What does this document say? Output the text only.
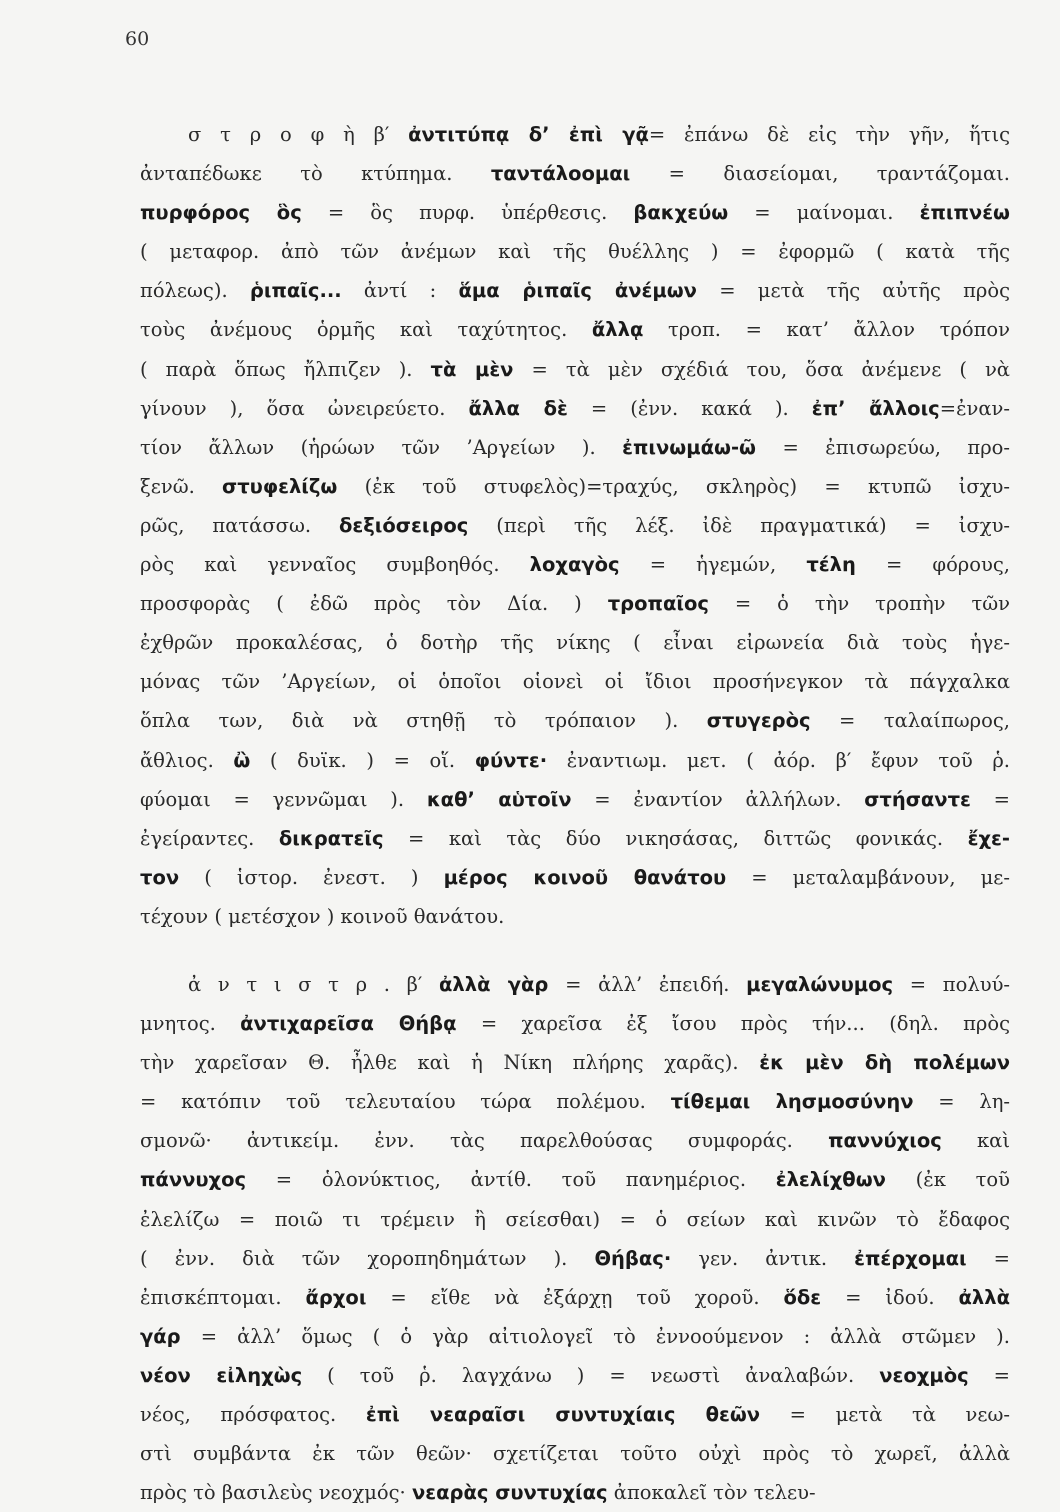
60
σ τ ρ ο φ ὴ β′ ἀντιτύπᾳ δ’ ἐπὶ γᾷ= ἐπάνω δὲ εἰς τὴν γῆν, ἥτις
ἀνταπέδωκε τὸ κτύπημα. ταντάλοομαι = διασείομαι, τραντάζομαι.
πυρφόρος ὃς = ὃς πυρφ. ὑπέρθεσις. βακχεύω = μαίνομαι. ἐπιπνέω
( μεταφορ. ἀπὸ τῶν ἀνέμων καὶ τῆς θυέλλης ) = ἐφορμῶ ( κατὰ τῆς
πόλεως). ῥιπαῖς... ἀντί : ἅμα ῥιπαῖς ἀνέμων = μετὰ τῆς αὐτῆς πρὸς
τοὺς ἀνέμους ὁρμῆς καὶ ταχύτητος. ἄλλᾳ τροπ. = κατ’ ἄλλον τρόπον
( παρὰ ὅπως ἤλπιζεν ). τὰ μὲν = τὰ μὲν σχέδιά του, ὅσα ἀνέμενε ( νὰ
γίνουν ), ὅσα ὠνειρεύετο. ἄλλα δὲ = (ἐνν. κακά ). ἐπ’ ἄλλοις=ἐναν-
τίον ἄλλων (ἡρώων τῶν ’Αργείων ). ἐπινωμάω-ῶ = ἐπισωρεύω, προ-
ξενῶ. στυφελίζω (ἐκ τοῦ στυφελὸς)=τραχύς, σκληρὸς) = κτυπῶ ἰσχυ-
ρῶς, πατάσσω. δεξιόσειρος (περὶ τῆς λέξ. ἰδὲ πραγματικά) = ἰσχυ-
ρὸς καὶ γενναῖος συμβοηθός. λοχαγὸς = ἡγεμών, τέλη = φόρους,
προσφορὰς ( ἐδῶ πρὸς τὸν Δία. ) τροπαῖος = ὁ τὴν τροπὴν τῶν
ἐχθρῶν προκαλέσας, ὁ δοτὴρ τῆς νίκης ( εἶναι εἰρωνεία διὰ τοὺς ἡγε-
μόνας τῶν ’Αργείων, οἱ ὁποῖοι οἱονεὶ οἱ ἴδιοι προσήνεγκον τὰ πάγχαλκα
ὅπλα των, διὰ νὰ στηθῇ τὸ τρόπαιον ). στυγερὸς = ταλαίπωρος,
ἄθλιος. ὢ ( δυϊκ. ) = οἵ. φύντε· ἐναντιωμ. μετ. ( ἀόρ. β′ ἔφυν τοῦ ῥ.
φύομαι = γεννῶμαι ). καθ’ αὑτοῖν = ἐναντίον ἀλλήλων. στήσαντε =
ἐγείραντες. δικρατεῖς = καὶ τὰς δύο νικησάσας, διττῶς φονικάς. ἔχε-
τον ( ἱστορ. ἐνεστ. ) μέρος κοινοῦ θανάτου = μεταλαμβάνουν, με-
τέχουν ( μετέσχον ) κοινοῦ θανάτου.
ἀ ν τ ι σ τ ρ . β′ ἀλλὰ γὰρ = ἀλλ’ ἐπειδή. μεγαλώνυμος = πολυύ-
μνητος. ἀντιχαρεῖσα Θήβᾳ = χαρεῖσα ἐξ ἴσου πρὸς τήν... (δηλ. πρὸς
τὴν χαρεῖσαν Θ. ἦλθε καὶ ἡ Νίκη πλήρης χαρᾶς). ἐκ μὲν δὴ πολέμων
= κατόπιν τοῦ τελευταίου τώρα πολέμου. τίθεμαι λησμοσύνην = λη-
σμονῶ· ἀντικείμ. ἐνν. τὰς παρελθούσας συμφοράς. παννύχιος καὶ
πάννυχος = ὁλονύκτιος, ἀντίθ. τοῦ πανημέριος. ἐλελίχθων (ἐκ τοῦ
ἐλελίζω = ποιῶ τι τρέμειν ἢ σείεσθαι) = ὁ σείων καὶ κινῶν τὸ ἔδαφος
( ἐνν. διὰ τῶν χοροπηδημάτων ). Θήβας· γεν. ἀντικ. ἐπέρχομαι =
ἐπισκέπτομαι. ἄρχοι = εἴθε νὰ ἐξάρχῃ τοῦ χοροῦ. ὅδε = ἰδού. ἀλλὰ
γάρ = ἀλλ’ ὅμως ( ὁ γὰρ αἰτιολογεῖ τὸ ἐννοούμενον : ἀλλὰ στῶμεν ).
νέον εἰληχὼς ( τοῦ ῥ. λαγχάνω ) = νεωστὶ ἀναλαβών. νεοχμὸς =
νέος, πρόσφατος. ἐπὶ νεαραῖσι συντυχίαις θεῶν = μετὰ τὰ νεω-
στὶ συμβάντα ἐκ τῶν θεῶν· σχετίζεται τοῦτο οὐχὶ πρὸς τὸ χωρεῖ, ἀλλὰ
πρὸς τὸ βασιλεὺς νεοχμός· νεαρὰς συντυχίας ἀποκαλεῖ τὸν τελευ-
